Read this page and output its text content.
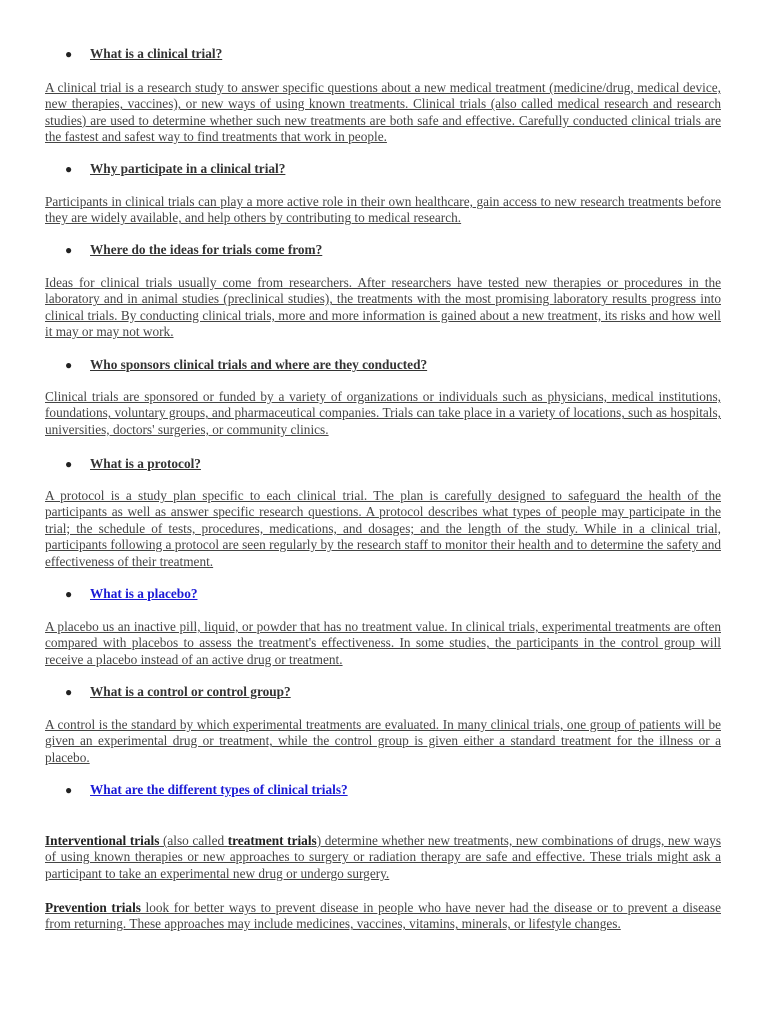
● What is a clinical trial?
A clinical trial is a research study to answer specific questions about a new medical treatment (medicine/drug, medical device, new therapies, vaccines), or new ways of using known treatments. Clinical trials (also called medical research and research studies) are used to determine whether such new treatments are both safe and effective. Carefully conducted clinical trials are the fastest and safest way to find treatments that work in people.
● Why participate in a clinical trial?
Participants in clinical trials can play a more active role in their own healthcare, gain access to new research treatments before they are widely available, and help others by contributing to medical research.
● Where do the ideas for trials come from?
Ideas for clinical trials usually come from researchers. After researchers have tested new therapies or procedures in the laboratory and in animal studies (preclinical studies), the treatments with the most promising laboratory results progress into clinical trials. By conducting clinical trials, more and more information is gained about a new treatment, its risks and how well it may or may not work.
● Who sponsors clinical trials and where are they conducted?
Clinical trials are sponsored or funded by a variety of organizations or individuals such as physicians, medical institutions, foundations, voluntary groups, and pharmaceutical companies. Trials can take place in a variety of locations, such as hospitals, universities, doctors' surgeries, or community clinics.
● What is a protocol?
A protocol is a study plan specific to each clinical trial. The plan is carefully designed to safeguard the health of the participants as well as answer specific research questions. A protocol describes what types of people may participate in the trial; the schedule of tests, procedures, medications, and dosages; and the length of the study. While in a clinical trial, participants following a protocol are seen regularly by the research staff to monitor their health and to determine the safety and effectiveness of their treatment.
● What is a placebo?
A placebo us an inactive pill, liquid, or powder that has no treatment value. In clinical trials, experimental treatments are often compared with placebos to assess the treatment's effectiveness. In some studies, the participants in the control group will receive a placebo instead of an active drug or treatment.
● What is a control or control group?
A control is the standard by which experimental treatments are evaluated. In many clinical trials, one group of patients will be given an experimental drug or treatment, while the control group is given either a standard treatment for the illness or a placebo.
● What are the different types of clinical trials?
Interventional trials (also called treatment trials) determine whether new treatments, new combinations of drugs, new ways of using known therapies or new approaches to surgery or radiation therapy are safe and effective. These trials might ask a participant to take an experimental new drug or undergo surgery.
Prevention trials look for better ways to prevent disease in people who have never had the disease or to prevent a disease from returning. These approaches may include medicines, vaccines, vitamins, minerals, or lifestyle changes.
